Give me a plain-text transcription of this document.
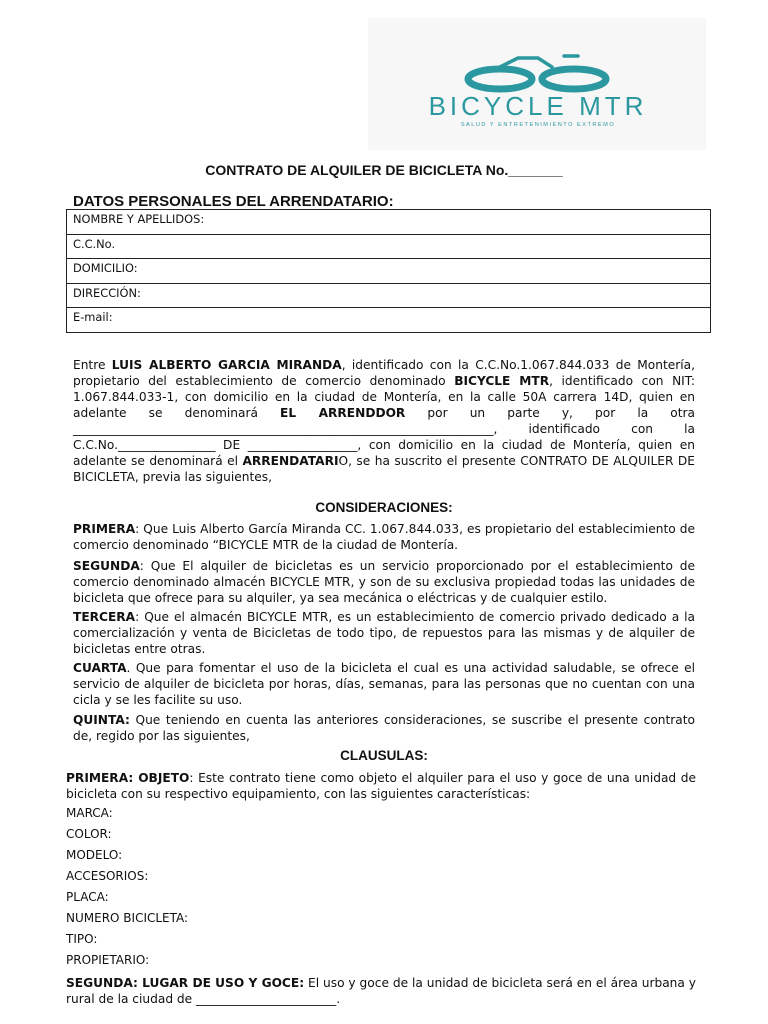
BICYCLE MTR
SALUD Y ENTRETENIMIENTO EXTREMO
CONTRATO DE ALQUILER DE BICICLETA No._______
DATOS PERSONALES DEL ARRENDATARIO:
NOMBRE Y APELLIDOS:
C.C.No.
DOMICILIO:
DIRECCIÓN:
E-mail:
Entre LUIS ALBERTO GARCIA MIRANDA, identificado con la C.C.No.1.067.844.033 de Montería, propietario del establecimiento de comercio denominado BICYCLE MTR, identificado con NIT: 1.067.844.033-1, con domicilio en la ciudad de Montería, en la calle 50A carrera 14D, quien en adelante se denominará EL ARRENDDOR por un parte y, por la otra _____________________________________________________________________, identificado con la C.C.No.________________ DE __________________, con domicilio en la ciudad de Montería, quien en adelante se denominará el ARRENDATARIO, se ha suscrito el presente CONTRATO DE ALQUILER DE BICICLETA, previa las siguientes,
CONSIDERACIONES:
PRIMERA: Que Luis Alberto García Miranda CC. 1.067.844.033, es propietario del establecimiento de comercio denominado “BICYCLE MTR de la ciudad de Montería.
SEGUNDA: Que El alquiler de bicicletas es un servicio proporcionado por el establecimiento de comercio denominado almacén BICYCLE MTR, y son de su exclusiva propiedad todas las unidades de bicicleta que ofrece para su alquiler, ya sea mecánica o eléctricas y de cualquier estilo.
TERCERA: Que el almacén BICYCLE MTR, es un establecimiento de comercio privado dedicado a la comercialización y venta de Bicicletas de todo tipo, de repuestos para las mismas y de alquiler de bicicletas entre otras.
CUARTA. Que para fomentar el uso de la bicicleta el cual es una actividad saludable, se ofrece el servicio de alquiler de bicicleta por horas, días, semanas, para las personas que no cuentan con una cicla y se les facilite su uso.
QUINTA: Que teniendo en cuenta las anteriores consideraciones, se suscribe el presente contrato de, regido por las siguientes,
CLAUSULAS:
PRIMERA: OBJETO: Este contrato tiene como objeto el alquiler para el uso y goce de una unidad de bicicleta con su respectivo equipamiento, con las siguientes características:
MARCA:
COLOR:
MODELO:
ACCESORIOS:
PLACA:
NUMERO BICICLETA:
TIPO:
PROPIETARIO:
SEGUNDA: LUGAR DE USO Y GOCE: El uso y goce de la unidad de bicicleta será en el área urbana y rural de la ciudad de _______________________.
